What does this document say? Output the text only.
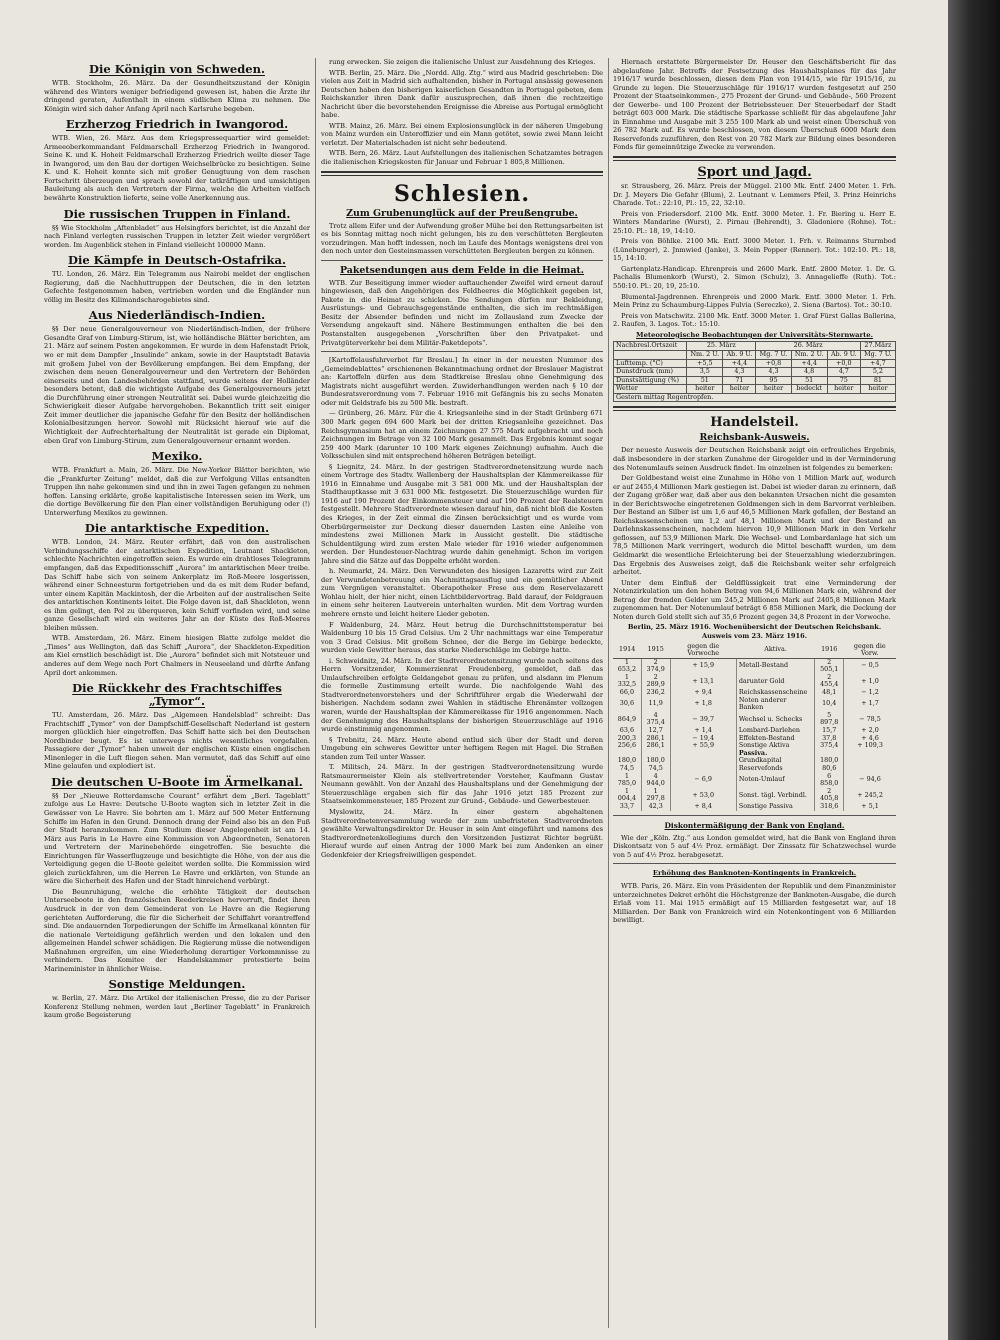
Die Königin von Schweden.

WTB. Stockholm, 26. März. Da der Gesundheitszustand der Königin während des Winters weniger befriedigend gewesen ist, haben die Ärzte ihr dringend geraten, Aufenthalt in einem südlichen Klima zu nehmen. Die Königin wird sich daher Anfang April nach Karlsruhe begeben.

Erzherzog Friedrich in Iwangorod.

WTB. Wien, 26. März. Aus dem Kriegspressequartier wird gemeldet: Armeeoberkommandant Feldmarschall Erzherzog Friedrich in Iwangorod. Seine K. und K. Hoheit Feldmarschall Erzherzog Friedrich weilte dieser Tage in Iwangorod, um den Bau der dortigen Weichselbrücke zu besichtigen. Seine K. und K. Hoheit konnte sich mit großer Genugtuung von dem raschen Fortschritt überzeugen und sprach sowohl der tatkräftigen und umsichtigen Bauleitung als auch den Vertretern der Firma, welche die Arbeiten vielfach bewährte Konstruktion lieferte, seine volle Anerkennung aus.

Die russischen Truppen in Finland.

§§ Wie Stockholm „Aftenbladet“ aus Helsingfors berichtet, ist die Anzahl der nach Finland verlegten russischen Truppen in letzter Zeit wieder vergrößert worden. Im Augenblick stehen in Finland vielleicht 100000 Mann.

Die Kämpfe in Deutsch-Ostafrika.

TU. London, 26. März. Ein Telegramm aus Nairobi meldet der englischen Regierung, daß die Nachhuttruppen der Deutschen, die in den letzten Gefechte festgenommen haben, vertrieben worden und die Engländer nun völlig im Besitz des Kilimandscharogebietes sind.

Aus Niederländisch-Indien.

§§ Der neue Generalgouverneur von Niederländisch-Indien, der frühere Gesandte Graf von Limburg-Stirum, ist, wie holländische Blätter berichten, am 21. März auf seinem Posten angekommen. Er wurde in dem Hafenstadt Priok, wo er mit dem Dampfer „Insulinde“ ankam, sowie in der Hauptstadt Batavia mit großem Jubel von der Bevölkerung empfangen. Bei dem Empfang, der zwischen dem neuen Generalgouverneur und den Vertretern der Behörden einerseits und den Landesbehörden stattfand, wurde seitens der Holländer besonders betont, daß die wichtigste Aufgabe des Generalgouverneurs jetzt die Durchführung einer strengen Neutralität sei. Dabei wurde gleichzeitig die Schwierigkeit dieser Aufgabe hervorgehoben. Bekanntlich tritt seit einiger Zeit immer deutlicher die japanische Gefahr für den Besitz der holländischen Kolonialbesitzungen hervor. Sowohl mit Rücksicht hierauf wie auf die Wichtigkeit der Aufrechterhaltung der Neutralität ist gerade ein Diplomat, eben Graf von Limburg-Stirum, zum Generalgouverneur ernannt worden.

Mexiko.

WTB. Frankfurt a. Main, 26. März. Die New-Yorker Blätter berichten, wie die „Frankfurter Zeitung“ meldet, daß die zur Verfolgung Villas entsandten Truppen ihn nahe gekommen sind und ihn in zwei Tagen gefangen zu nehmen hoffen. Lansing erklärte, große kapitalistische Interessen seien im Werk, um die dortige Bevölkerung für den Plan einer vollständigen Beruhigung oder (!) Unterwerfung Mexikos zu gewinnen.

Die antarktische Expedition.

WTB. London, 24. März. Reuter erfährt, daß von den australischen Verbindungsschiffe der antarktischen Expedition, Leutnant Shackleton, schlechte Nachrichten eingetroffen seien. Es wurde ein drahtloses Telegramm empfangen, daß das Expeditionsschiff „Aurora“ im antarktischen Meer treibe. Das Schiff habe sich von seinem Ankerplatz im Roß-Meere losgerissen, während einer Schneesturm fortgetrieben und da es mit dem Ruder befand, unter einem Kapitän Mackintosh, der die Arbeiten auf der australischen Seite des antarktischen Kontinents leitet. Die Folge davon ist, daß Shackleton, wenn es ihm gelingt, den Pol zu überqueren, kein Schiff vorfinden wird, und seine ganze Gesellschaft wird ein weiteres Jahr an der Küste des Roß-Meeres bleiben müssen.

WTB. Amsterdam, 26. März. Einem hiesigen Blatte zufolge meldet die „Times“ aus Wellington, daß das Schiff „Aurora“, der Shackleton-Expedition am Kiel ernstlich beschädigt ist. Die „Aurora“ befindet sich mit Notsteuer und anderes auf dem Wege nach Port Chalmers in Neuseeland und dürfte Anfang April dort ankommen.

Die Rückkehr des Frachtschiffes „Tymor“.

TU. Amsterdam, 26. März. Das „Algemeen Handelsblad“ schreibt: Das Frachtschiff „Tymor“ von der Dampfschiff-Gesellschaft Nederland ist gestern morgen glücklich hier eingetroffen. Das Schiff hatte sich bei den Deutschen Nordbinder beugt. Es ist unterwegs nichts wesentliches vorgefallen. Passagiere der „Tymor“ haben unweit der englischen Küste einen englischen Minenleger in die Luft fliegen sehen. Man vermutet, daß das Schiff auf eine Mine gelaufen und explodiert ist.

Die deutschen U-Boote im Ärmelkanal.

§§ Der „Nieuwe Rotterdamsche Courant“ erfährt dem „Berl. Tageblatt“ zufolge aus Le Havre: Deutsche U-Boote wagten sich in letzter Zeit in die Gewässer von Le Havre. Sie bohrten am 1. März auf 500 Meter Entfernung Schiffe im Hafen in den Grund. Dennoch drang der Feind also bis an den Fuß der Stadt heranzukommen. Zum Studium dieser Angelegenheit ist am 14. März aus Paris in Le Havre eine Kommission von Abgeordneten, Senatoren und Vertretern der Marinebehörde eingetroffen. Sie besuchte die Einrichtungen für Wasserflugzeuge und besichtigte die Höhe, von der aus die Verteidigung gegen die U-Boote geleitet werden sollte. Die Kommission wird gleich zurückfahren, um die Herren Le Havre und erklärten, von Stunde an wäre die Sicherheit des Hafen und der Stadt hinreichend verbürgt.

Die Beunruhigung, welche die erhöhte Tätigkeit der deutschen Unterseeboote in den französischen Reederkreisen hervorruft, findet ihren Ausdruck in der von dem Gemeinderat von Le Havre an die Regierung gerichteten Aufforderung, die für die Sicherheit der Schiffahrt vorantreffend sind. Die andauernden Torpedierungen der Schiffe im Ärmelkanal könnten für die nationale Verteidigung gefährlich werden und den lokalen und den allgemeinen Handel schwer schädigen. Die Regierung müsse die notwendigen Maßnahmen ergreifen, um eine Wiederholung derartiger Vorkommnisse zu verhindern. Das Komitee der Handelskammer protestierte beim Marineminister in ähnlicher Weise.

Sonstige Meldungen.

w. Berlin, 27. März. Die Artikel der italienischen Presse, die zu der Pariser Konferenz Stellung nehmen, werden laut „Berliner Tageblatt“ in Frankreich kaum große Begeisterung

rung erwecken. Sie zeigen die italienische Unlust zur Ausdehnung des Krieges.

WTB. Berlin, 25. März. Die „Nordd. Allg. Ztg.“ wird aus Madrid geschrieben: Die vielen aus Zeit in Madrid sich aufhaltenden, bisher in Portugal ansässig gewesenen Deutschen haben den bisherigen kaiserlichen Gesandten in Portugal gebeten, dem Reichskanzler ihren Dank dafür auszusprechen, daß ihnen die rechtzeitige Nachricht über die bevorstehenden Ereignisse die Abreise aus Portugal ermöglicht habe.

WTB. Mainz, 26. März. Bei einem Explosionsunglück in der näheren Umgebung von Mainz wurden ein Unteroffizier und ein Mann getötet, sowie zwei Mann leicht verletzt. Der Materialschaden ist nicht sehr bedeutend.

WTB. Bern, 26. März. Laut Aufstellungen des italienischen Schatzamtes betragen die italienischen Kriegskosten für Januar und Februar 1 805,8 Millionen.

Schlesien.
Zum Grubenunglück auf der Preußengrube.

Trotz allem Eifer und der Aufwendung großer Mühe bei den Rettungsarbeiten ist es bis Sonntag mittag noch nicht gelungen, bis zu den verschütteten Bergleuten vorzudringen. Man hofft indessen, noch im Laufe des Montags wenigstens drei von den noch unter den Gesteinsmassen verschütteten Bergleuten bergen zu können.

Paketsendungen aus dem Felde in die Heimat.

WTB. Zur Beseitigung immer wieder auftauchender Zweifel wird erneut darauf hingewiesen, daß den Angehörigen des Feldheeres die Möglichkeit gegeben ist, Pakete in die Heimat zu schicken. Die Sendungen dürfen nur Bekleidung, Ausrüstungs- und Gebrauchsgegenstände enthalten, die sich im rechtmäßigen Besitz der Absender befinden und nicht im Zollausland zum Zwecke der Versendung angekauft sind. Nähere Bestimmungen enthalten die bei den Postanstalten ausgegebenen „Vorschriften über den Privatpaket- und Privatgüterverkehr bei dem Militär-Paketdepots“.

[Kartoffelausfuhrverbot für Breslau.] In einer in der neuesten Nummer des „Gemeindeblattes“ erschienenen Bekanntmachung ordnet der Breslauer Magistrat an: Kartoffeln dürfen aus dem Stadtkreise Breslau ohne Genehmigung des Magistrats nicht ausgeführt werden. Zuwiderhandlungen werden nach § 10 der Bundesratsverordnung vom 7. Februar 1916 mit Gefängnis bis zu sechs Monaten oder mit Geldstrafe bis zu 500 Mk. bestraft.

— Grünberg, 26. März. Für die 4. Kriegsanleihe sind in der Stadt Grünberg 671 300 Mark gegen 694 600 Mark bei der dritten Kriegsanleihe gezeichnet. Das Reichsgymnasium hat an einem Zeichnungen 27 575 Mark aufgebracht und noch Zeichnungen im Betrage von 32 100 Mark gesammelt. Das Ergebnis kommt sogar 259 400 Mark (darunter 10 100 Mark eigenes Zeichnung) aufnahm. Auch die Volksschulen sind mit entsprechend höheren Beträgen beteiligt.

§ Liegnitz, 24. März. In der gestrigen Stadtverordnetensitzung wurde nach einem Vortrage des Stadtv. Wallenberg der Haushaltsplan der Kämmereikasse für 1916 in Einnahme und Ausgabe mit 3 581 000 Mk. und der Haushaltsplan der Stadthauptkasse mit 3 631 000 Mk. festgesetzt. Die Steuerzuschläge wurden für 1916 auf 190 Prozent der Einkommensteuer und auf 190 Prozent der Realsteuern festgestellt. Mehrere Stadtverordnete wiesen darauf hin, daß nicht bloß die Kosten des Krieges, in der Zeit einmal die Zinsen berücksichtigt und es wurde vom Oberbürgermeister zur Deckung dieser dauernden Lasten eine Anleihe von mindestens zwei Millionen Mark in Aussicht gestellt. Die städtische Schuldentilgung wird zum ersten Male wieder für 1916 wieder aufgenommen werden. Der Hundesteuer-Nachtrag wurde dahin genehmigt. Schon im vorigen Jahre sind die Sätze auf das Doppelte erhöht worden.

h. Neumarkt, 24. März. Den Verwundeten des hiesigen Lazaretts wird zur Zeit der Verwundetenbetreuung ein Nachmittagsausflug und ein gemütlicher Abend zum Vergnügen veranstaltet. Oberapotheker Frese aus dem Reservelazarett Wohlau hielt, der hier nicht, einen Lichtbildervortrag. Bald darauf, der Feldgrauen in einem sehr heiteren Lautverein unterhalten wurden. Mit dem Vortrag wurden mehrere ernste und leicht heitere Lieder geboten.

F Waldenburg, 24. März. Heut betrug die Durchschnittstemperatur bei Waldenburg 10 bis 15 Grad Celsius. Um 2 Uhr nachmittags war eine Temperatur von 3 Grad Celsius. Mit großem Schnee, der die Berge im Gebirge bedeckte, wurden viele Gewitter heraus, das starke Niederschläge im Gebirge hatte.

i. Schweidnitz, 24. März. In der Stadtverordnetensitzung wurde nach seitens des Herrn Vorsitzender, Kommerzienrat Freudenberg, gemeldet, daß das Umlaufschreiben erfolgte Geldangebot genau zu prüfen, und alsdann im Plenum die formelle Zustimmung erteilt wurde. Die nachfolgende Wahl des Stadtverordnetenvorstehers und der Schriftführer ergab die Wiederwahl der bisherigen. Nachdem sodann zwei Wahlen in städtische Ehrenämter vollzogen waren, wurde der Haushaltsplan der Kämmereikasse für 1916 angenommen. Nach der Genehmigung des Haushaltsplans der bisherigen Steuerzuschläge auf 1916 wurde einstimmig angenommen.

§ Trebnitz, 24. März. Heute abend entlud sich über der Stadt und deren Umgebung ein schweres Gewitter unter heftigem Regen mit Hagel. Die Straßen standen zum Teil unter Wasser.

T. Militsch, 24. März. In der gestrigen Stadtverordnetensitzung wurde Ratsmaurermeister Klein als stellvertretender Vorsteher, Kaufmann Gustav Neumann gewählt. Von der Anzahl des Haushaltsplans und der Genehmigung der Steuerzuschläge ergaben sich für das Jahr 1916 jetzt 185 Prozent zur Staatseinkommensteuer, 185 Prozent zur Grund-, Gebäude- und Gewerbesteuer.

Myslowitz, 24. März. In einer gestern abgehaltenen Stadtverordnetenversammlung wurde der zum unbefristeten Stadtverordneten gewählte Verwaltungsdirektor Dr. Heuser in sein Amt eingeführt und namens des Stadtverordnetenkollegiums durch den Vorsitzenden Justizrat Richter begrüßt. Hierauf wurde auf einen Antrag der 1000 Mark bei zum Andenken an einer Gedenkfeier der Kriegsfreiwilligen gespendet.

Hiernach erstattete Bürgermeister Dr. Heuser den Geschäftsbericht für das abgelaufene Jahr. Betreffs der Festsetzung des Haushaltsplanes für das Jahr 1916/17 wurde beschlossen, diesen dem Plan von 1914/15, wie für 1915/16, zu Grunde zu legen. Die Steuerzuschläge für 1916/17 wurden festgesetzt auf 250 Prozent der Staatseinkommen-, 275 Prozent der Grund- und Gebäude-, 560 Prozent der Gewerbe- und 100 Prozent der Betriebssteuer. Der Steuerbedarf der Stadt beträgt 603 000 Mark. Die städtische Sparkasse schließt für das abgelaufene Jahr in Einnahme und Ausgabe mit 3 255 100 Mark ab und weist einen Überschuß von 26 782 Mark auf. Es wurde beschlossen, von diesem Überschuß 6000 Mark dem Reservefonds zuzuführen, den Rest von 20 782 Mark zur Bildung eines besonderen Fonds für gemeinnützige Zwecke zu verwenden.

Sport und Jagd.

sr. Strausberg, 26. März. Preis der Müggel. 2100 Mk. Entf. 2400 Meter. 1. Frh. Dr. J. Meyers Die Gefahr (Blum), 2. Leutnant v. Lemmers Pfeil, 3. Prinz Heinrichs Charade. Tot.: 22:10, Pl.: 15, 22, 32:10.

Preis von Friedersdorf. 2100 Mk. Entf. 3000 Meter. 1. Fr. Biering u. Herr E. Winters Mandarine (Wurst), 2. Pirnau (Behrendt), 3. Gladoniere (Rohne). Tot.: 25:10. Pl.: 18, 19, 14:10.

Preis von Böhlke. 2100 Mk. Entf. 3000 Meter. 1. Frh. v. Reimanns Sturmbod (Lüneburger), 2. Jnmwied (Janke), 3. Mein Popper (Renner). Tot.: 102:10. Pl.: 18, 15, 14:10.

Gartenplatz-Handicap. Ehrenpreis und 2600 Mark. Entf. 2800 Meter. 1. Dr. G. Pachalis Blumenkorb (Wurst), 2. Simon (Schulz), 3. Annagelieffe (Ruth). Tot.: 550:10. Pl.: 20, 19, 25:10.

Blumental-Jagdrennen. Ehrenpreis und 2000 Mark. Entf. 3000 Meter. 1. Frh. Mein Prinz zu Schaumburg-Lippes Fulvia (Sereczko), 2. Siena (Bartos). Tot.: 30:10.

Preis von Matschwitz. 2100 Mk. Entf. 3000 Meter. 1. Graf Fürst Gallas Ballerina, 2. Raufen, 3. Lagos. Tot.: 15:10.

Meteorologische Beobachtungen der Universitäts-Sternwarte.
Nachbresl.Ortszeit	25. März		26. März			27.März
	Nm. 2 U.	Ab. 9 U.	Mg. 7 U.	Nm. 2 U.	Ab. 9 U.	Mg. 7 U.
Lufttemp. (°C)	+5,5	+4,4	+0,8	+4,4	+0,0	+4,7
Dunstdruck (mm)	3,5	4,3	4,3	4,8	4,7	5,2
Dunstsättigung (%)	51	71	95	51	75	81
Wetter	heiter	heiter	heiter	bedeckt	heiter	heiter
Gestern mittag Regentropfen.						
Handelsteil.
Reichsbank-Ausweis.

Der neueste Ausweis der Deutschen Reichsbank zeigt ein erfreuliches Ergebnis, daß insbesondere in der starken Zunahme der Girogelder und in der Verminderung des Notenumlaufs seinen Ausdruck findet. Im einzelnen ist folgendes zu bemerken:

Der Goldbestand weist eine Zunahme in Höhe von 1 Million Mark auf, wodurch er auf 2455,4 Millionen Mark gestiegen ist. Dabei ist wieder daran zu erinnern, daß der Zugang größer war, daß aber aus den bekannten Ursachen nicht die gesamten in der Berichtswoche eingetretenen Goldmengen sich in dem Barvorrat verbleiben. Der Bestand an Silber ist um 1,6 auf 46,5 Millionen Mark gefallen, der Bestand an Reichskassenscheinen um 1,2 auf 48,1 Millionen Mark und der Bestand an Darlehnskassenscheinen, nachdem hiervon 10,9 Millionen Mark in den Verkehr geflossen, auf 53,9 Millionen Mark. Die Wechsel- und Lombardanlage hat sich um 78,5 Millionen Mark verringert, wodurch die Mittel beschafft wurden, um dem Geldmarkt die wesentliche Erleichterung bei der Steuerzahlung wiederzubringen. Das Ergebnis des Ausweises zeigt, daß die Reichsbank weiter sehr erfolgreich arbeitet.

Unter dem Einfluß der Geldflüssigkeit trat eine Verminderung der Notenzirkulation um den hohen Betrag von 94,6 Millionen Mark ein, während der Betrag der fremden Gelder um 245,2 Millionen Mark auf 2405,8 Millionen Mark zugenommen hat. Der Notenumlauf beträgt 6 858 Millionen Mark, die Deckung der Noten durch Gold stellt sich auf 35,6 Prozent gegen 34,8 Prozent in der Vorwoche.

Berlin, 25. März 1916. Wochenübersicht der Deutschen Reichsbank. Ausweis vom 23. März 1916.

1914	1915	gegen die Vorwoche	Aktiva.	1916	gegen die Vorw.
1 653,2	2 374,9	+ 15,9	Metall-Bestand	2 505,1	− 0,5
1 332,5	2 289,9	+ 13,1	darunter Gold	2 455,4	+ 1,0
66,0	236,2	+ 9,4	Reichskassenscheine	48,1	− 1,2
30,6	11,9	+ 1,8	Noten anderer Banken	10,4	+ 1,7
864,9	4 375,4	− 39,7	Wechsel u. Schecks	5 897,8	− 78,5
63,6	12,7	+ 1,4	Lombard-Darlehen	15,7	+ 2,0
200,3	286,1	− 19,4	Effekten-Bestand	37,8	+ 4,6
256,6	286,1	+ 55,9	Sonstige Aktiva	375,4	+ 109,3
			Passiva.		
180,0	180,0		Grundkapital	180,0	
74,5	74,5		Reservefonds	80,6	
1 785,0	4 944,0	− 6,9	Noten-Umlauf	6 858,0	− 94,6
1 004,4	1 297,8	+ 53,0	Sonst. tägl. Verbindl.	2 405,8	+ 245,2
33,7	42,3	+ 8,4	Sonstige Passiva	318,6	+ 5,1
Diskontermäßigung der Bank von England.

Wie der „Köln. Ztg.“ aus London gemeldet wird, hat die Bank von England ihren Diskontsatz von 5 auf 4½ Proz. ermäßigt. Der Zinssatz für Schatzwechsel wurde von 5 auf 4½ Proz. herabgesetzt.

Erhöhung des Banknoten-Kontingents in Frankreich.

WTB. Paris, 26. März. Ein vom Präsidenten der Republik und dem Finanzminister unterzeichnetes Dekret erhöht die Höchstgrenze der Banknoten-Ausgabe, die durch Erlaß vom 11. Mai 1915 ermäßigt auf 15 Milliarden festgesetzt war, auf 18 Milliarden. Der Bank von Frankreich wird ein Notenkontingent von 6 Milliarden bewilligt.
